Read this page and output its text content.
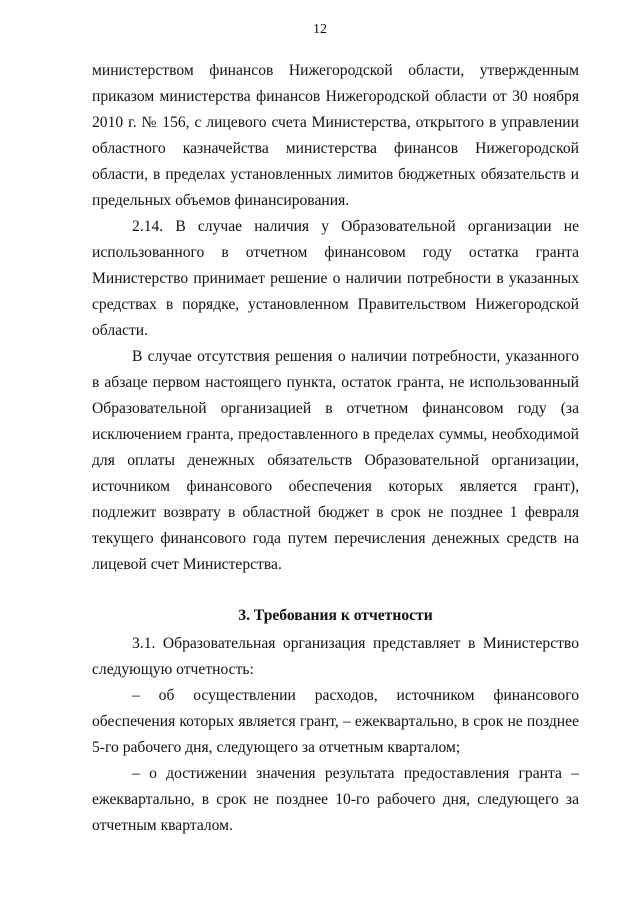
12

министерством финансов Нижегородской области, утвержденным приказом министерства финансов Нижегородской области от 30 ноября 2010 г. № 156, с лицевого счета Министерства, открытого в управлении областного казначейства министерства финансов Нижегородской области, в пределах установленных лимитов бюджетных обязательств и предельных объемов финансирования.

2.14. В случае наличия у Образовательной организации не использованного в отчетном финансовом году остатка гранта Министерство принимает решение о наличии потребности в указанных средствах в порядке, установленном Правительством Нижегородской области.

В случае отсутствия решения о наличии потребности, указанного в абзаце первом настоящего пункта, остаток гранта, не использованный Образовательной организацией в отчетном финансовом году (за исключением гранта, предоставленного в пределах суммы, необходимой для оплаты денежных обязательств Образовательной организации, источником финансового обеспечения которых является грант), подлежит возврату в областной бюджет в срок не позднее 1 февраля текущего финансового года путем перечисления денежных средств на лицевой счет Министерства.

3. Требования к отчетности

3.1. Образовательная организация представляет в Министерство следующую отчетность:

– об осуществлении расходов, источником финансового обеспечения которых является грант, – ежеквартально, в срок не позднее 5-го рабочего дня, следующего за отчетным кварталом;

– о достижении значения результата предоставления гранта – ежеквартально, в срок не позднее 10-го рабочего дня, следующего за отчетным кварталом.
